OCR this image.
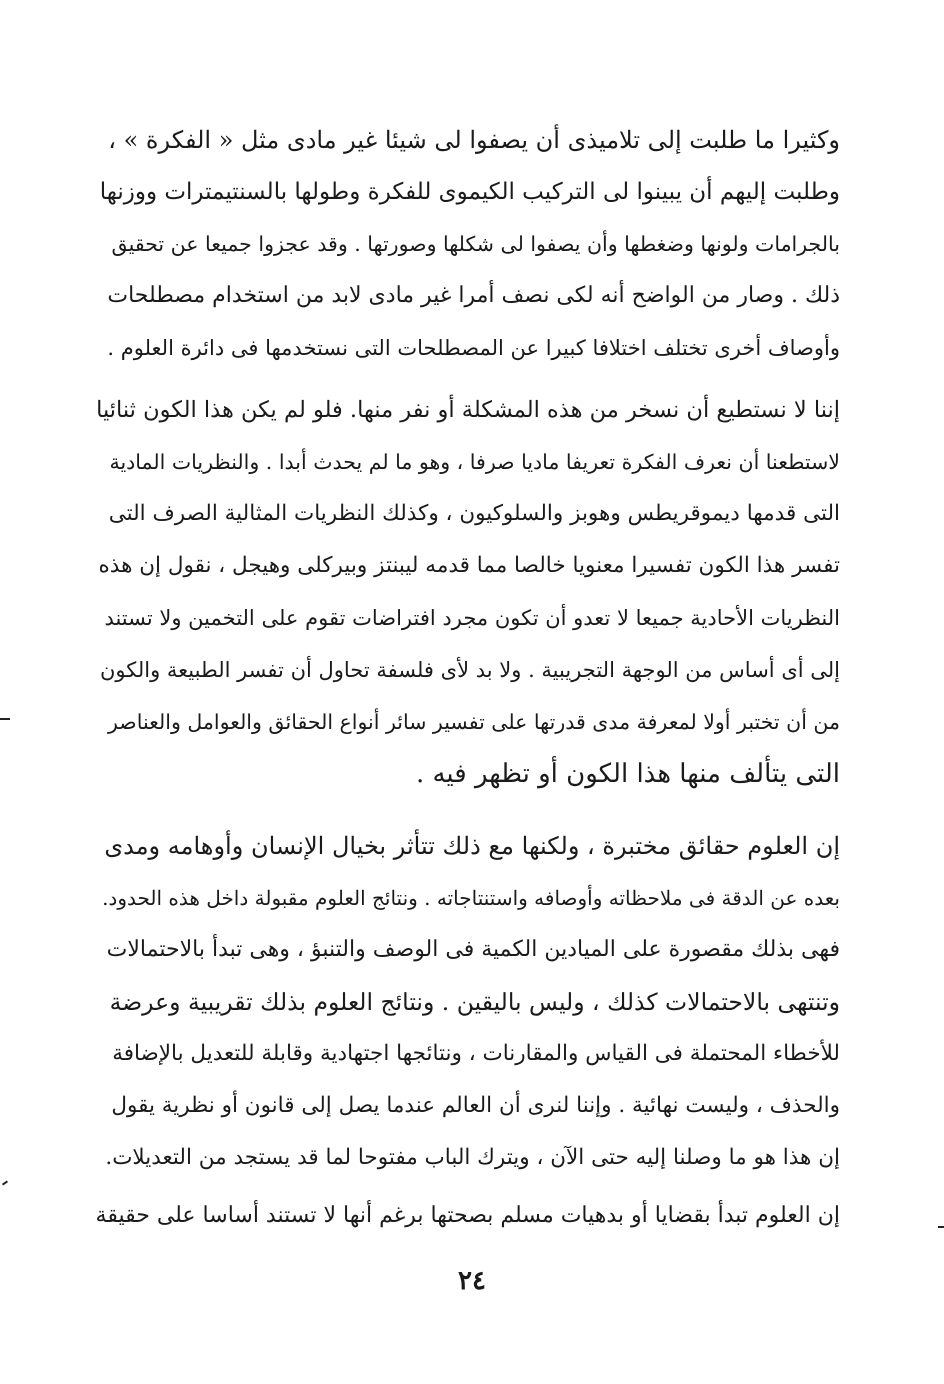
وكثيرا ما طلبت إلى تلاميذى أن يصفوا لى شيئا غير مادى مثل « الفكرة » ،
وطلبت إليهم أن يبينوا لى التركيب الكيموى للفكرة وطولها بالسنتيمترات ووزنها
بالجرامات ولونها وضغطها وأن يصفوا لى شكلها وصورتها . وقد عجزوا جميعا عن تحقيق
ذلك . وصار من الواضح أنه لكى نصف أمرا غير مادى لابد من استخدام مصطلحات
وأوصاف أخرى تختلف اختلافا كبيرا عن المصطلحات التى نستخدمها فى دائرة العلوم .
إننا لا نستطيع أن نسخر من هذه المشكلة أو نفر منها. فلو لم يكن هذا الكون ثنائيا
لاستطعنا أن نعرف الفكرة تعريفا ماديا صرفا ، وهو ما لم يحدث أبدا . والنظريات المادية
التى قدمها ديموقريطس وهوبز والسلوكيون ، وكذلك النظريات المثالية الصرف التى
تفسر هذا الكون تفسيرا معنويا خالصا مما قدمه ليبنتز وبيركلى وهيجل ، نقول إن هذه
النظريات الأحادية جميعا لا تعدو أن تكون مجرد افتراضات تقوم على التخمين ولا تستند
إلى أى أساس من الوجهة التجريبية . ولا بد لأى فلسفة تحاول أن تفسر الطبيعة والكون
من أن تختبر أولا لمعرفة مدى قدرتها على تفسير سائر أنواع الحقائق والعوامل والعناصر
التى يتألف منها هذا الكون أو تظهر فيه .
إن العلوم حقائق مختبرة ، ولكنها مع ذلك تتأثر بخيال الإنسان وأوهامه ومدى
بعده عن الدقة فى ملاحظاته وأوصافه واستنتاجاته . ونتائج العلوم مقبولة داخل هذه الحدود.
فهى بذلك مقصورة على الميادين الكمية فى الوصف والتنبؤ ، وهى تبدأ بالاحتمالات
وتنتهى بالاحتمالات كذلك ، وليس باليقين . ونتائج العلوم بذلك تقريبية وعرضة
للأخطاء المحتملة فى القياس والمقارنات ، ونتائجها اجتهادية وقابلة للتعديل بالإضافة
والحذف ، وليست نهائية . وإننا لنرى أن العالم عندما يصل إلى قانون أو نظرية يقول
إن هذا هو ما وصلنا إليه حتى الآن ، ويترك الباب مفتوحا لما قد يستجد من التعديلات.
إن العلوم تبدأ بقضايا أو بدهيات مسلم بصحتها برغم أنها لا تستند أساسا على حقيقة
٢٤
